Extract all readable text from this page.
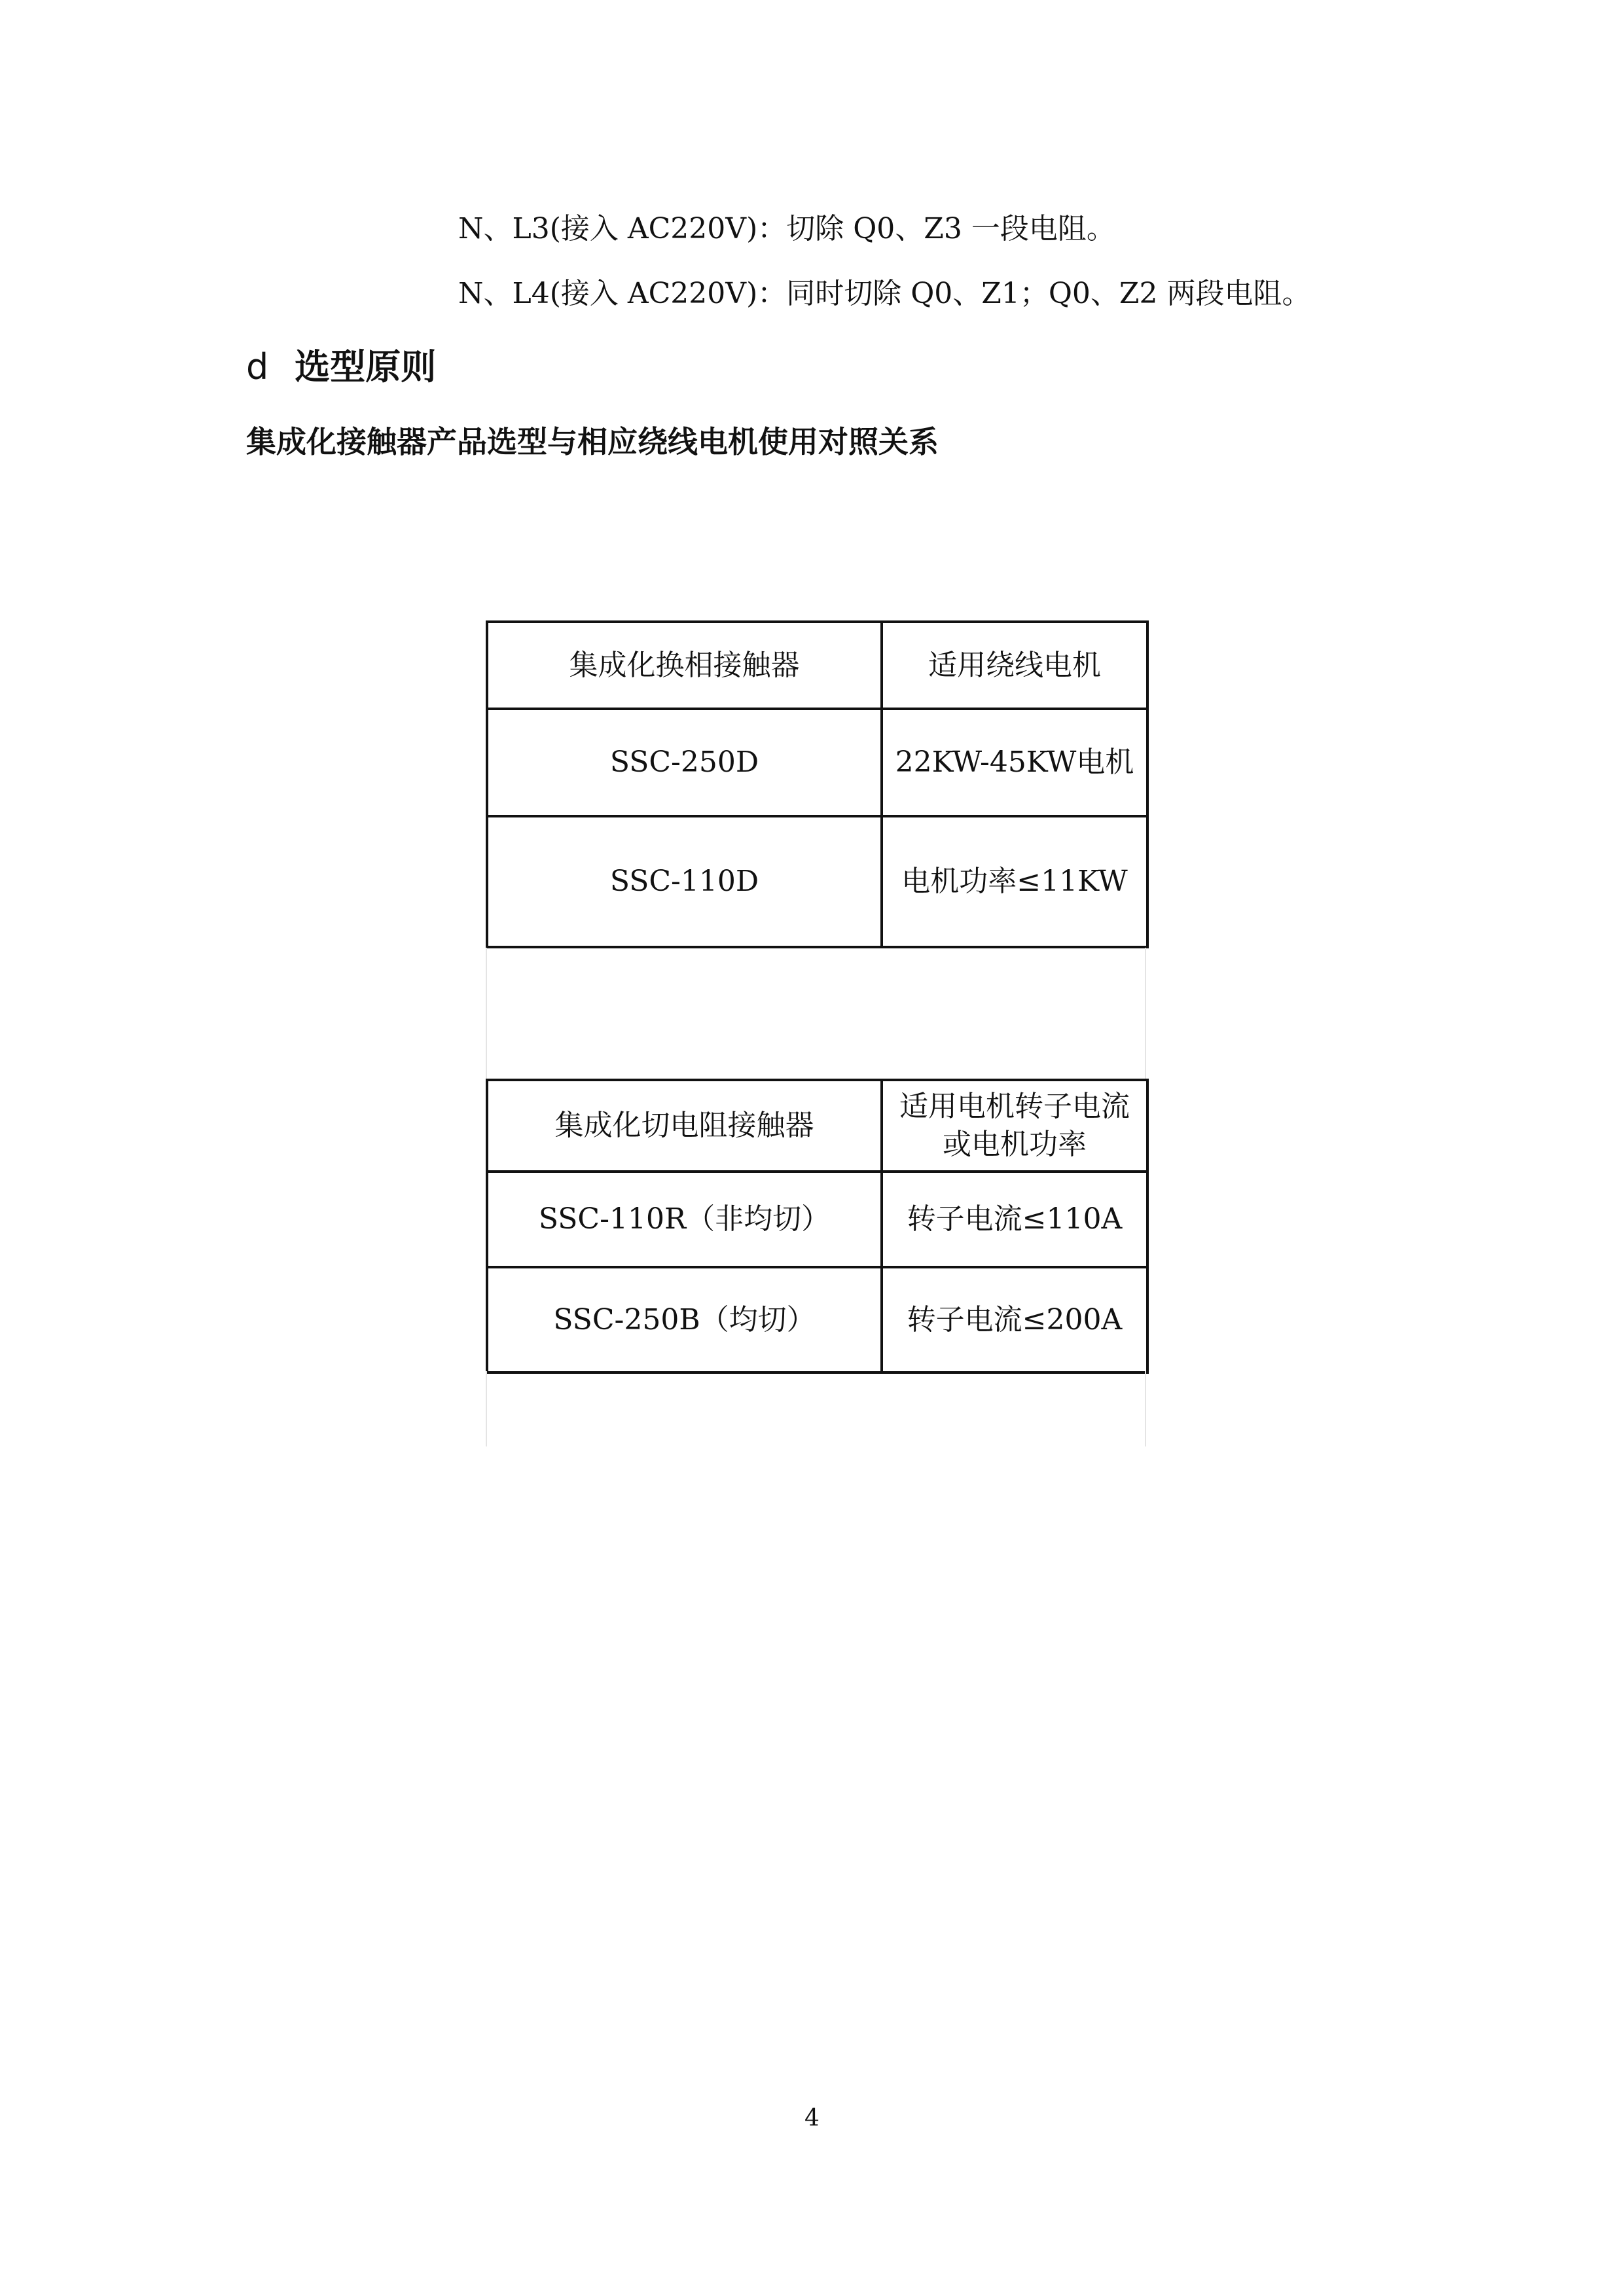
N、L3(接入 AC220V)：切除 Q0、Z3 一段电阻。
N、L4(接入 AC220V)：同时切除 Q0、Z1；Q0、Z2 两段电阻。
d 选型原则
集成化接触器产品选型与相应绕线电机使用对照关系
集成化换相接触器	适用绕线电机
SSC-250D	22KW-45KW电机
SSC-110D	电机功率≤11KW
集成化切电阻接触器	适用电机转子电流或电机功率
SSC-110R（非均切）	转子电流≤110A
SSC-250B（均切）	转子电流≤200A
4
